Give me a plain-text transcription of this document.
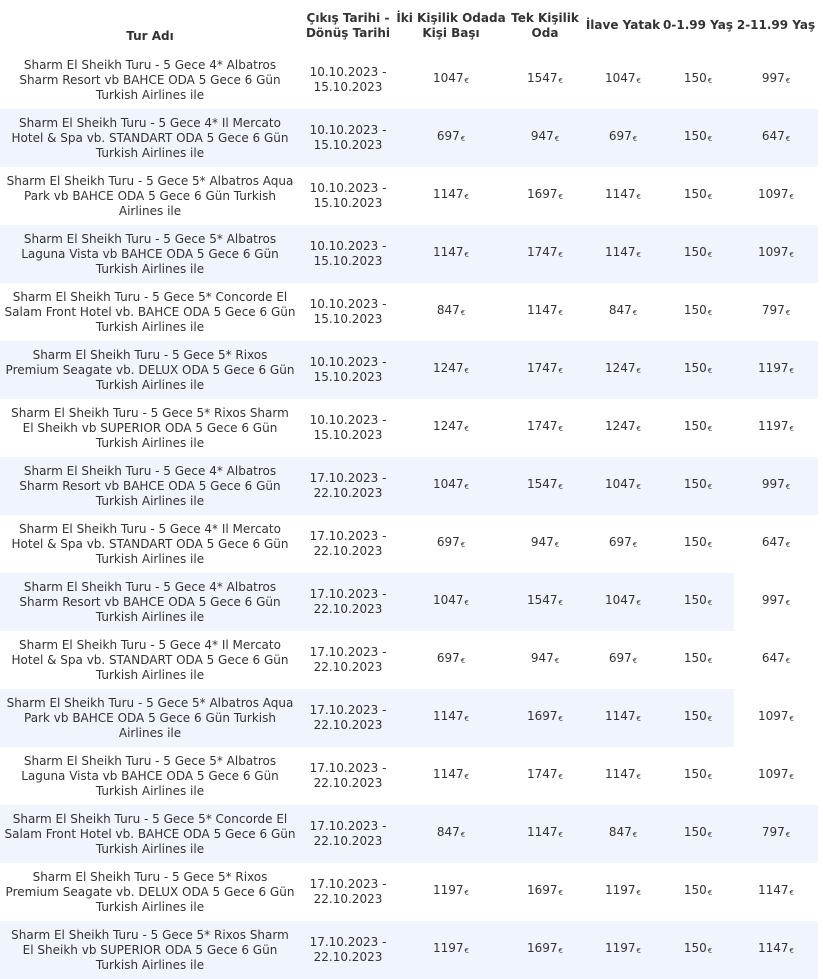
Tur Adı	Çıkış Tarihi - Dönüş Tarihi	İki Kişilik Odada Kişi Başı	Tek Kişilik Oda	İlave Yatak	0-1.99 Yaş	2-11.99 Yaş
Sharm El Sheikh Turu - 5 Gece 4* Albatros Sharm Resort vb BAHCE ODA 5 Gece 6 Gün Turkish Airlines ile	10.10.2023 - 15.10.2023	1047€	1547€	1047€	150€	997€
Sharm El Sheikh Turu - 5 Gece 4* Il Mercato Hotel & Spa vb. STANDART ODA 5 Gece 6 Gün Turkish Airlines ile	10.10.2023 - 15.10.2023	697€	947€	697€	150€	647€
Sharm El Sheikh Turu - 5 Gece 5* Albatros Aqua Park vb BAHCE ODA 5 Gece 6 Gün Turkish Airlines ile	10.10.2023 - 15.10.2023	1147€	1697€	1147€	150€	1097€
Sharm El Sheikh Turu - 5 Gece 5* Albatros Laguna Vista vb BAHCE ODA 5 Gece 6 Gün Turkish Airlines ile	10.10.2023 - 15.10.2023	1147€	1747€	1147€	150€	1097€
Sharm El Sheikh Turu - 5 Gece 5* Concorde El Salam Front Hotel vb. BAHCE ODA 5 Gece 6 Gün Turkish Airlines ile	10.10.2023 - 15.10.2023	847€	1147€	847€	150€	797€
Sharm El Sheikh Turu - 5 Gece 5* Rixos Premium Seagate vb. DELUX ODA 5 Gece 6 Gün Turkish Airlines ile	10.10.2023 - 15.10.2023	1247€	1747€	1247€	150€	1197€
Sharm El Sheikh Turu - 5 Gece 5* Rixos Sharm El Sheikh vb SUPERIOR ODA 5 Gece 6 Gün Turkish Airlines ile	10.10.2023 - 15.10.2023	1247€	1747€	1247€	150€	1197€
Sharm El Sheikh Turu - 5 Gece 4* Albatros Sharm Resort vb BAHCE ODA 5 Gece 6 Gün Turkish Airlines ile	17.10.2023 - 22.10.2023	1047€	1547€	1047€	150€	997€
Sharm El Sheikh Turu - 5 Gece 4* Il Mercato Hotel & Spa vb. STANDART ODA 5 Gece 6 Gün Turkish Airlines ile	17.10.2023 - 22.10.2023	697€	947€	697€	150€	647€
Sharm El Sheikh Turu - 5 Gece 4* Albatros Sharm Resort vb BAHCE ODA 5 Gece 6 Gün Turkish Airlines ile	17.10.2023 - 22.10.2023	1047€	1547€	1047€	150€	997€
Sharm El Sheikh Turu - 5 Gece 4* Il Mercato Hotel & Spa vb. STANDART ODA 5 Gece 6 Gün Turkish Airlines ile	17.10.2023 - 22.10.2023	697€	947€	697€	150€	647€
Sharm El Sheikh Turu - 5 Gece 5* Albatros Aqua Park vb BAHCE ODA 5 Gece 6 Gün Turkish Airlines ile	17.10.2023 - 22.10.2023	1147€	1697€	1147€	150€	1097€
Sharm El Sheikh Turu - 5 Gece 5* Albatros Laguna Vista vb BAHCE ODA 5 Gece 6 Gün Turkish Airlines ile	17.10.2023 - 22.10.2023	1147€	1747€	1147€	150€	1097€
Sharm El Sheikh Turu - 5 Gece 5* Concorde El Salam Front Hotel vb. BAHCE ODA 5 Gece 6 Gün Turkish Airlines ile	17.10.2023 - 22.10.2023	847€	1147€	847€	150€	797€
Sharm El Sheikh Turu - 5 Gece 5* Rixos Premium Seagate vb. DELUX ODA 5 Gece 6 Gün Turkish Airlines ile	17.10.2023 - 22.10.2023	1197€	1697€	1197€	150€	1147€
Sharm El Sheikh Turu - 5 Gece 5* Rixos Sharm El Sheikh vb SUPERIOR ODA 5 Gece 6 Gün Turkish Airlines ile	17.10.2023 - 22.10.2023	1197€	1697€	1197€	150€	1147€
